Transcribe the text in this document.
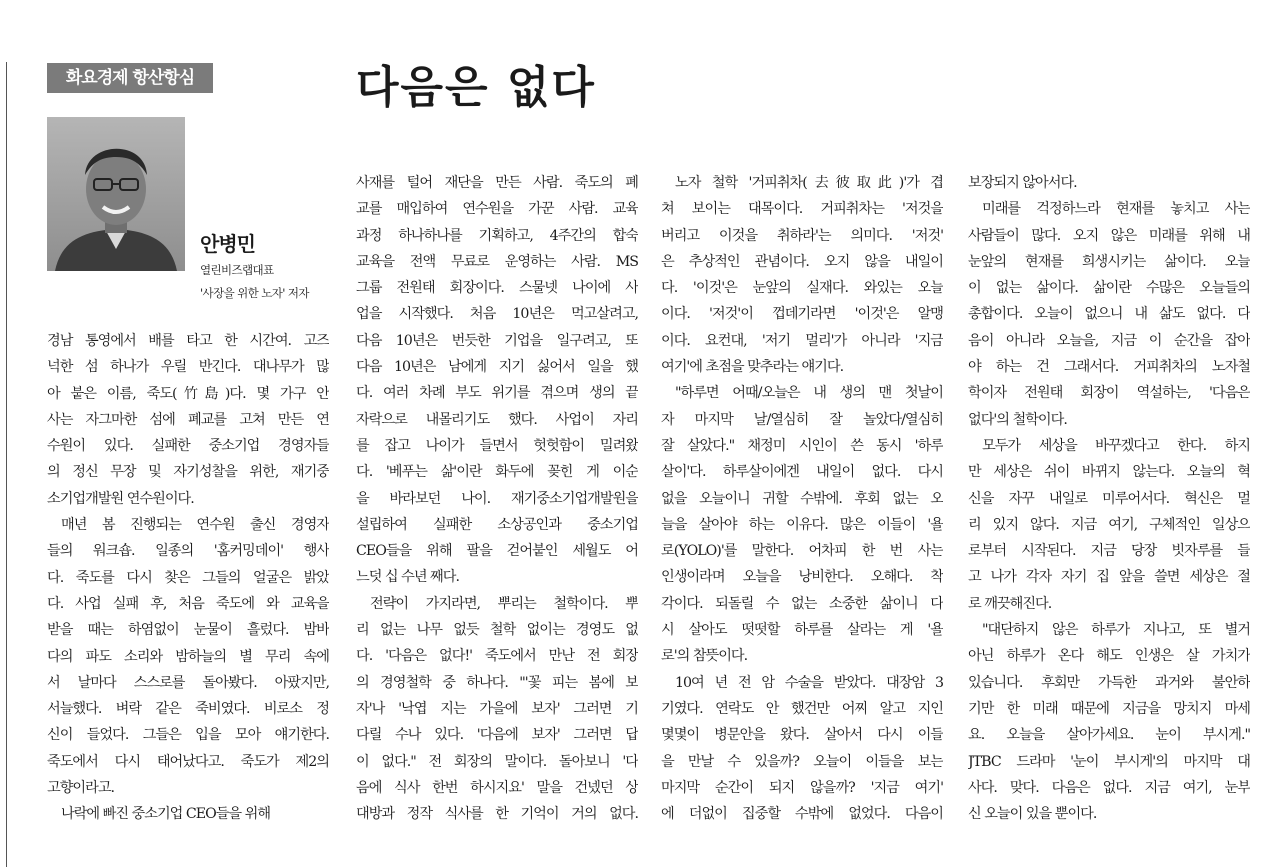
화요경제 항산항심	다음은 없다
안병민
열린비즈랩대표
'사장을 위한 노자' 저자
경남 통영에서 배를 타고 한 시간여. 고즈
넉한 섬 하나가 우릴 반긴다. 대나무가 많
아 붙은 이름, 죽도(竹島)다. 몇 가구 안
사는 자그마한 섬에 폐교를 고쳐 만든 연
수원이 있다. 실패한 중소기업 경영자들
의 정신 무장 및 자기성찰을 위한, 재기중
소기업개발원 연수원이다.
매년 봄 진행되는 연수원 출신 경영자
들의 워크숍. 일종의 '홈커밍데이' 행사
다. 죽도를 다시 찾은 그들의 얼굴은 밝았
다. 사업 실패 후, 처음 죽도에 와 교육을
받을 때는 하염없이 눈물이 흘렀다. 밤바
다의 파도 소리와 밤하늘의 별 무리 속에
서 날마다 스스로를 돌아봤다. 아팠지만,
서늘했다. 벼락 같은 죽비였다. 비로소 정
신이 들었다. 그들은 입을 모아 얘기한다.
죽도에서 다시 태어났다고. 죽도가 제2의
고향이라고.
나락에 빠진 중소기업 CEO들을 위해
사재를 털어 재단을 만든 사람. 죽도의 폐
교를 매입하여 연수원을 가꾼 사람. 교육
과정 하나하나를 기획하고, 4주간의 합숙
교육을 전액 무료로 운영하는 사람. MS
그룹 전원태 회장이다. 스물넷 나이에 사
업을 시작했다. 처음 10년은 먹고살려고,
다음 10년은 번듯한 기업을 일구려고, 또
다음 10년은 남에게 지기 싫어서 일을 했
다. 여러 차례 부도 위기를 겪으며 생의 끝
자락으로 내몰리기도 했다. 사업이 자리
를 잡고 나이가 들면서 헛헛함이 밀려왔
다. '베푸는 삶'이란 화두에 꽂힌 게 이순
을 바라보던 나이. 재기중소기업개발원을
설립하여 실패한 소상공인과 중소기업
CEO들을 위해 팔을 걷어붙인 세월도 어
느덧 십 수년 째다.
전략이 가지라면, 뿌리는 철학이다. 뿌
리 없는 나무 없듯 철학 없이는 경영도 없
다. '다음은 없다!' 죽도에서 만난 전 회장
의 경영철학 중 하나다. "'꽃 피는 봄에 보
자'나 '낙엽 지는 가을에 보자' 그러면 기
다릴 수나 있다. '다음에 보자' 그러면 답
이 없다." 전 회장의 말이다. 돌아보니 '다
음에 식사 한번 하시지요' 말을 건넸던 상
대방과 정작 식사를 한 기억이 거의 없다.
노자 철학 '거피취차(去彼取此)'가 겹
쳐 보이는 대목이다. 거피취차는 '저것을
버리고 이것을 취하라'는 의미다. '저것'
은 추상적인 관념이다. 오지 않을 내일이
다. '이것'은 눈앞의 실재다. 와있는 오늘
이다. '저것'이 껍데기라면 '이것'은 알맹
이다. 요컨대, '저기 멀리'가 아니라 '지금
여기'에 초점을 맞추라는 얘기다.
"하루면 어때/오늘은 내 생의 맨 첫날이
자 마지막 날/열심히 잘 놀았다/열심히
잘 살았다." 채정미 시인이 쓴 동시 '하루
살이'다. 하루살이에겐 내일이 없다. 다시
없을 오늘이니 귀할 수밖에. 후회 없는 오
늘을 살아야 하는 이유다. 많은 이들이 '욜
로(YOLO)'를 말한다. 어차피 한 번 사는
인생이라며 오늘을 낭비한다. 오해다. 착
각이다. 되돌릴 수 없는 소중한 삶이니 다
시 살아도 떳떳할 하루를 살라는 게 '욜
로'의 참뜻이다.
10여 년 전 암 수술을 받았다. 대장암 3
기였다. 연락도 안 했건만 어찌 알고 지인
몇몇이 병문안을 왔다. 살아서 다시 이들
을 만날 수 있을까? 오늘이 이들을 보는
마지막 순간이 되지 않을까? '지금 여기'
에 더없이 집중할 수밖에 없었다. 다음이
보장되지 않아서다.
미래를 걱정하느라 현재를 놓치고 사는
사람들이 많다. 오지 않은 미래를 위해 내
눈앞의 현재를 희생시키는 삶이다. 오늘
이 없는 삶이다. 삶이란 수많은 오늘들의
총합이다. 오늘이 없으니 내 삶도 없다. 다
음이 아니라 오늘을, 지금 이 순간을 잡아
야 하는 건 그래서다. 거피취차의 노자철
학이자 전원태 회장이 역설하는, '다음은
없다'의 철학이다.
모두가 세상을 바꾸겠다고 한다. 하지
만 세상은 쉬이 바뀌지 않는다. 오늘의 혁
신을 자꾸 내일로 미루어서다. 혁신은 멀
리 있지 않다. 지금 여기, 구체적인 일상으
로부터 시작된다. 지금 당장 빗자루를 들
고 나가 각자 자기 집 앞을 쓸면 세상은 절
로 깨끗해진다.
"대단하지 않은 하루가 지나고, 또 별거
아닌 하루가 온다 해도 인생은 살 가치가
있습니다. 후회만 가득한 과거와 불안하
기만 한 미래 때문에 지금을 망치지 마세
요. 오늘을 살아가세요. 눈이 부시게."
JTBC 드라마 '눈이 부시게'의 마지막 대
사다. 맞다. 다음은 없다. 지금 여기, 눈부
신 오늘이 있을 뿐이다.
